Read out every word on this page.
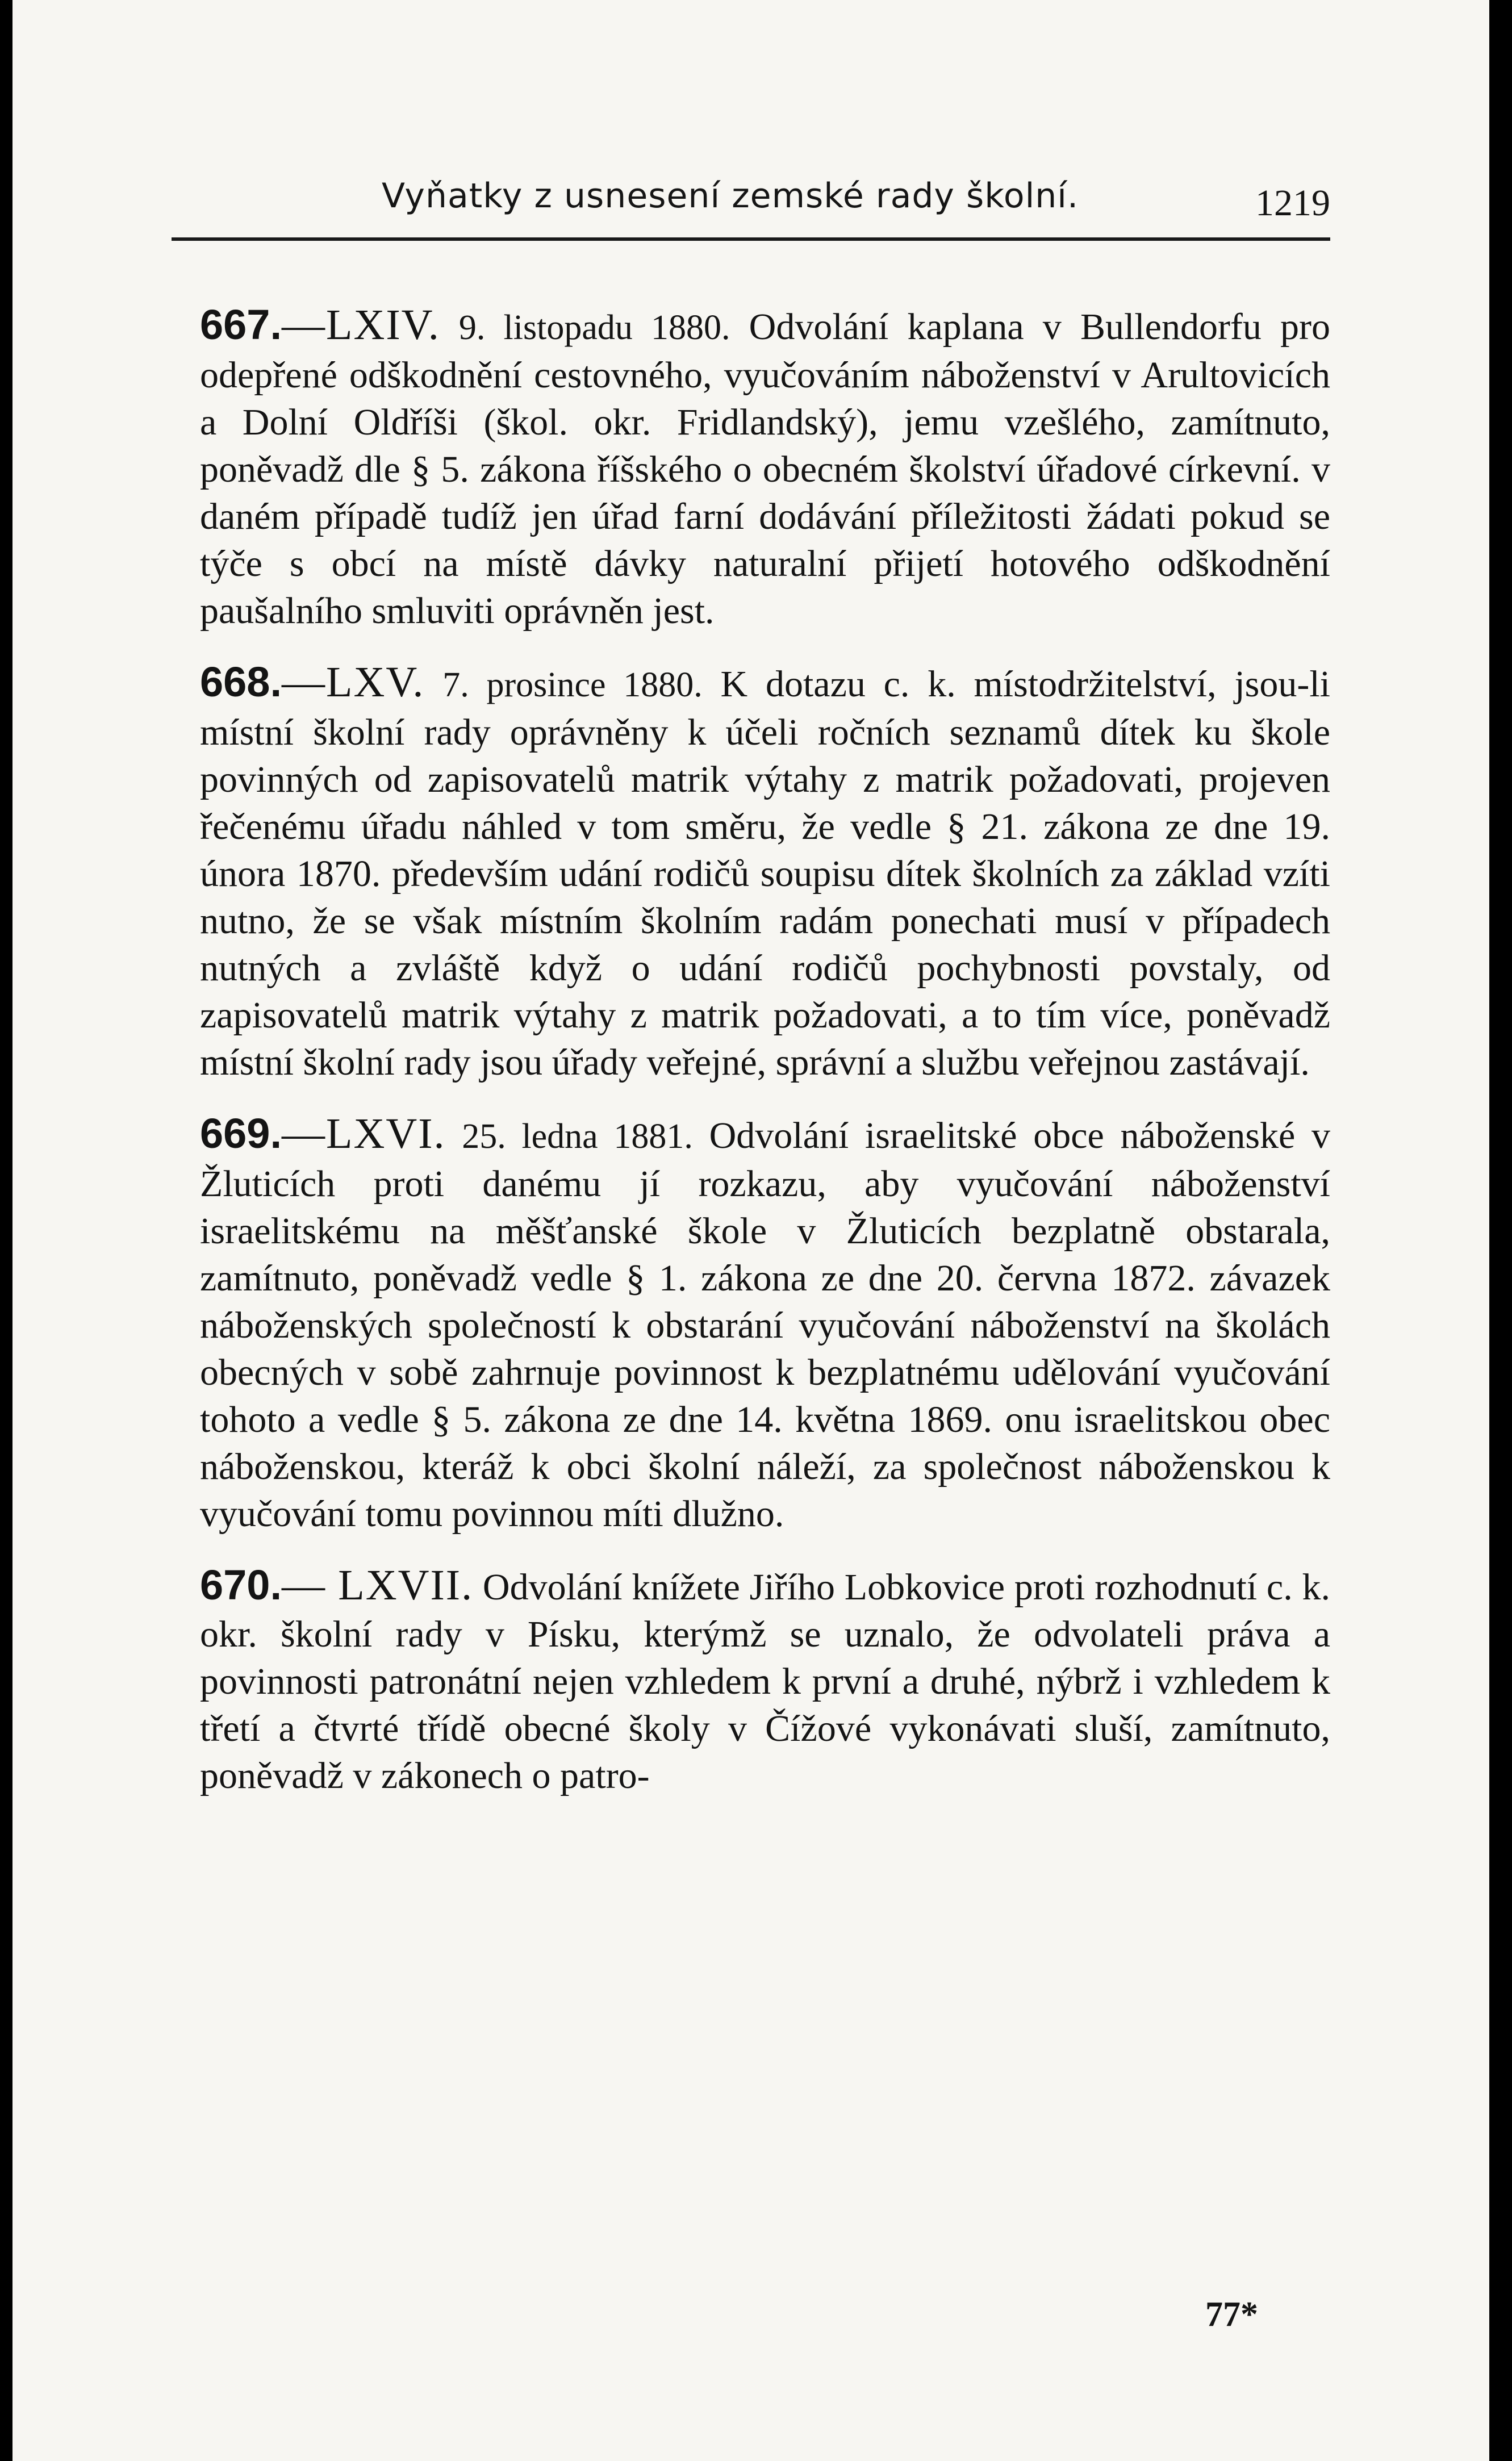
Vyňatky z usnesení zemské rady školní.	1219

667.—LXIV. 9. listopadu 1880. Odvolání kaplana v Bullendorfu pro odepřené odškodnění cestovného, vyučováním náboženství v Arultovicích a Dolní Oldříši (škol. okr. Fridlandský), jemu vzešlého, zamítnuto, poněvadž dle § 5. zákona říšského o obecném školství úřadové církevní. v daném případě tudíž jen úřad farní dodávání příležitosti žádati pokud se týče s obcí na místě dávky naturalní přijetí hotového odškodnění paušalního smluviti oprávněn jest.

668.—LXV. 7. prosince 1880. K dotazu c. k. místodržitelství, jsou-li místní školní rady oprávněny k účeli ročních seznamů dítek ku škole povinných od zapisovatelů matrik výtahy z matrik požadovati, projeven řečenému úřadu náhled v tom směru, že vedle § 21. zákona ze dne 19. února 1870. především udání rodičů soupisu dítek školních za základ vzíti nutno, že se však místním školním radám ponechati musí v případech nutných a zvláště když o udání rodičů pochybnosti povstaly, od zapisovatelů matrik výtahy z matrik požadovati, a to tím více, poněvadž místní školní rady jsou úřady veřejné, správní a službu veřejnou zastávají.

669.—LXVI. 25. ledna 1881. Odvolání israelitské obce náboženské v Žluticích proti danému jí rozkazu, aby vyučování náboženství israelitskému na měšťanské škole v Žluticích bezplatně obstarala, zamítnuto, poněvadž vedle § 1. zákona ze dne 20. června 1872. závazek náboženských společností k obstarání vyučování náboženství na školách obecných v sobě zahrnuje povinnost k bezplatnému udělování vyučování tohoto a vedle § 5. zákona ze dne 14. května 1869. onu israelitskou obec náboženskou, kteráž k obci školní náleží, za společnost náboženskou k vyučování tomu povinnou míti dlužno.

670.— LXVII. Odvolání knížete Jiřího Lobkovice proti rozhodnutí c. k. okr. školní rady v Písku, kterýmž se uznalo, že odvolateli práva a povinnosti patronátní nejen vzhledem k první a druhé, nýbrž i vzhledem k třetí a čtvrté třídě obecné školy v Čížové vykonávati sluší, zamítnuto, poněvadž v zákonech o patro-

77*
